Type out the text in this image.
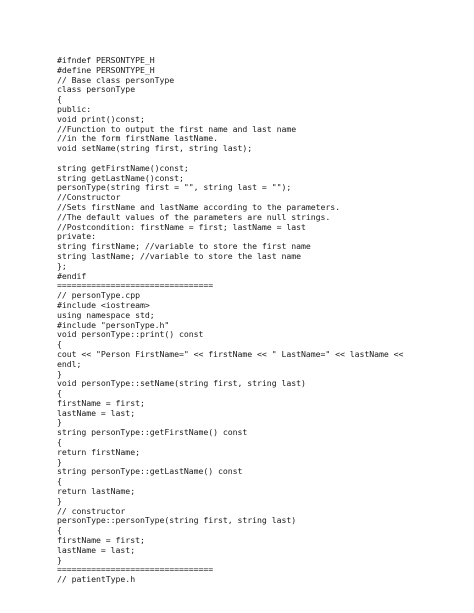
#ifndef PERSONTYPE_H
#define PERSONTYPE_H
// Base class personType
class personType
{
public:
void print()const;
//Function to output the first name and last name
//in the form firstName lastName.
void setName(string first, string last);
string getFirstName()const;
string getLastName()const;
personType(string first = "", string last = "");
//Constructor
//Sets firstName and lastName according to the parameters.
//The default values of the parameters are null strings.
//Postcondition: firstName = first; lastName = last
private:
string firstName; //variable to store the first name
string lastName; //variable to store the last name
};
#endif
================================
// personType.cpp
#include <iostream>
using namespace std;
#include "personType.h"
void personType::print() const
{
cout << "Person FirstName=" << firstName << " LastName=" << lastName <<
endl;
}
void personType::setName(string first, string last)
{
firstName = first;
lastName = last;
}
string personType::getFirstName() const
{
return firstName;
}
string personType::getLastName() const
{
return lastName;
}
// constructor
personType::personType(string first, string last)
{
firstName = first;
lastName = last;
}
================================
// patientType.h
